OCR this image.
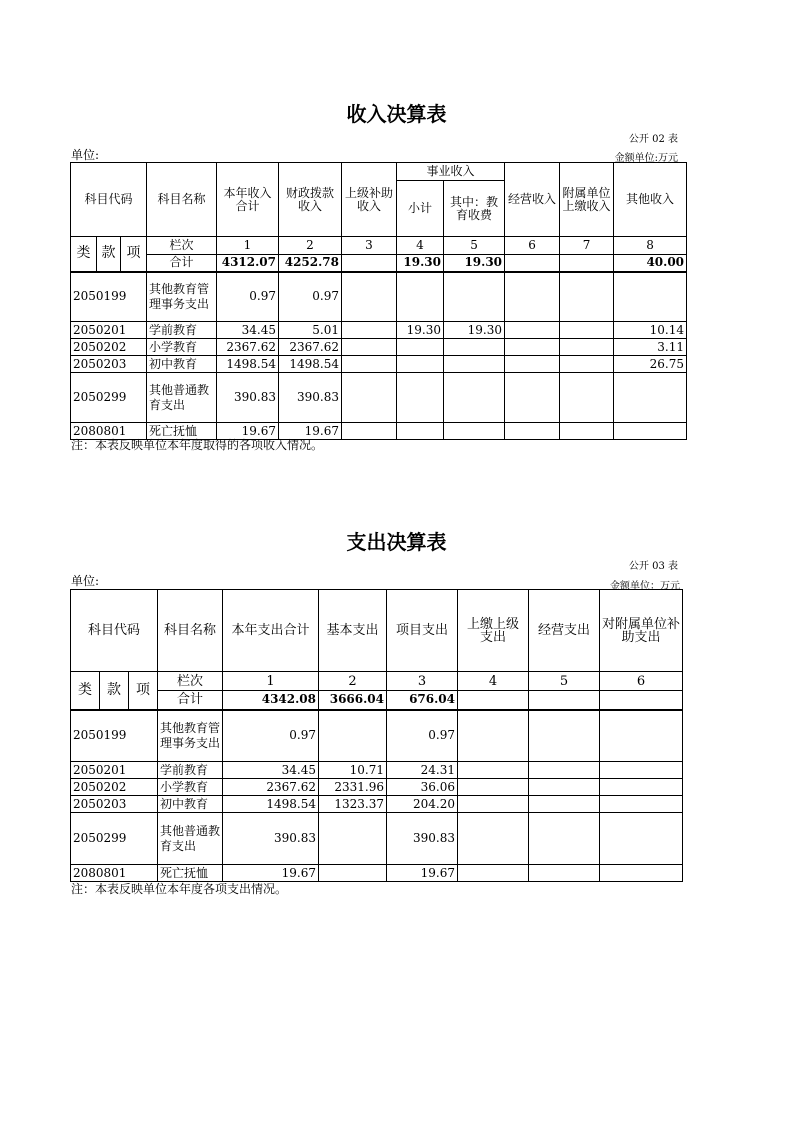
收入决算表
公开 02 表
单位:	金额单位:万元
科目代码			科目名称	本年收入合计	财政拨款收入	上级补助收入	事业收入		经营收入	附属单位上缴收入	其他收入
							小计	其中：教育收费			
类	款	项	栏次	1	2	3	4	5	6	7	8
			合计	4312.07	4252.78		19.30	19.30			40.00
2050199			其他教育管理事务支出	0.97	0.97						
2050201			学前教育	34.45	5.01		19.30	19.30			10.14
2050202			小学教育	2367.62	2367.62						3.11
2050203			初中教育	1498.54	1498.54						26.75
2050299			其他普通教育支出	390.83	390.83						
2080801			死亡抚恤	19.67	19.67						
注：本表反映单位本年度取得的各项收入情况。
支出决算表
公开 03 表
单位:	金额单位：万元
科目代码			科目名称	本年支出合计	基本支出	项目支出	上缴上级支出	经营支出	对附属单位补助支出
类	款	项	栏次	1	2	3	4	5	6
			合计	4342.08	3666.04	676.04			
2050199			其他教育管理事务支出	0.97		0.97			
2050201			学前教育	34.45	10.71	24.31			
2050202			小学教育	2367.62	2331.96	36.06			
2050203			初中教育	1498.54	1323.37	204.20			
2050299			其他普通教育支出	390.83		390.83			
2080801			死亡抚恤	19.67		19.67			
注：本表反映单位本年度各项支出情况。
